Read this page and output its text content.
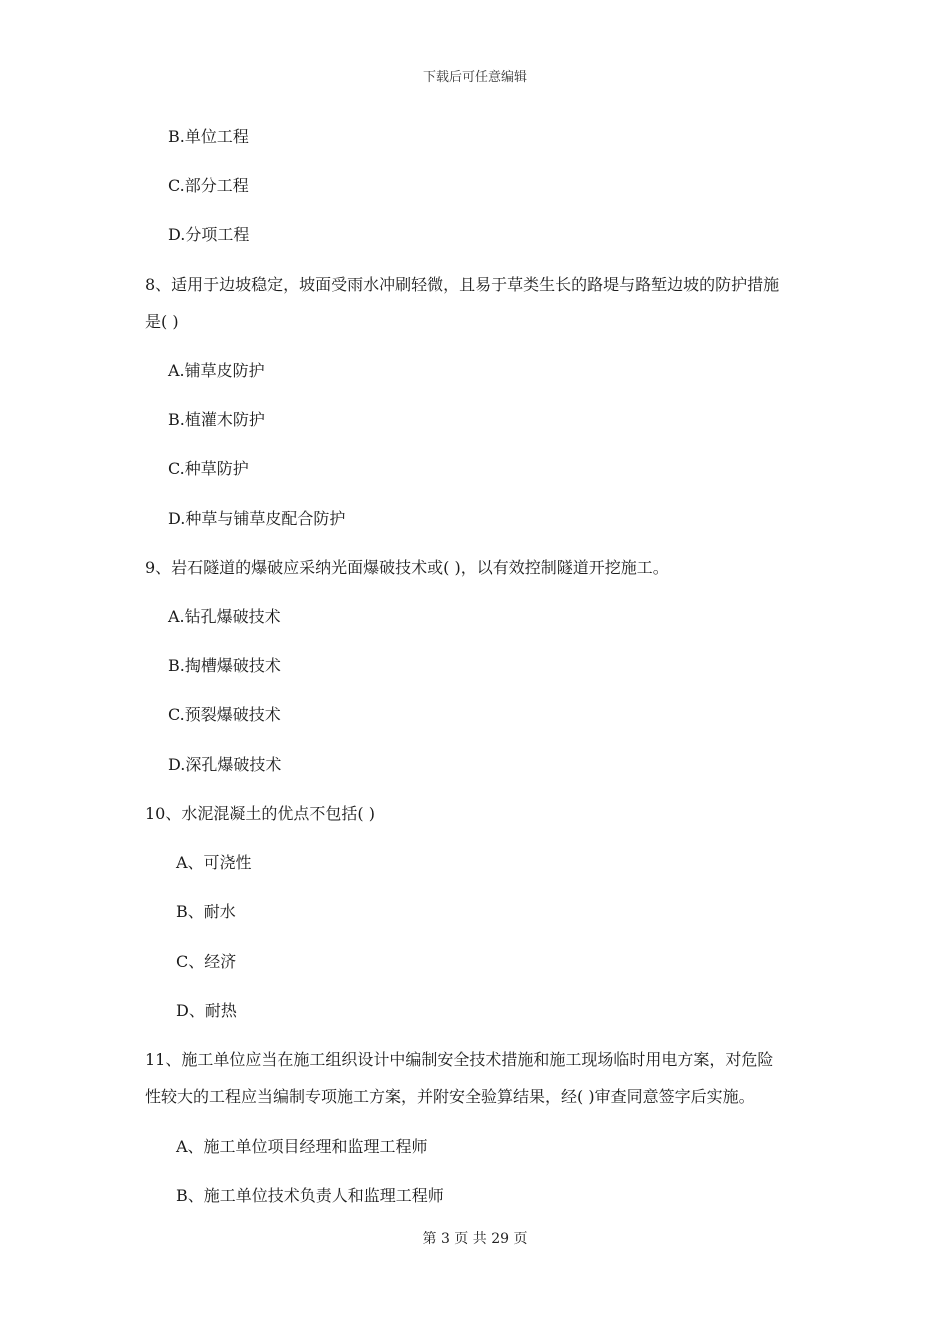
下载后可任意编辑
B.单位工程
C.部分工程
D.分项工程
8、适用于边坡稳定，坡面受雨水冲刷轻微，且易于草类生长的路堤与路堑边坡的防护措施
是( )
A.铺草皮防护
B.植灌木防护
C.种草防护
D.种草与铺草皮配合防护
9、岩石隧道的爆破应采纳光面爆破技术或( )，以有效控制隧道开挖施工。
A.钻孔爆破技术
B.掏槽爆破技术
C.预裂爆破技术
D.深孔爆破技术
10、水泥混凝土的优点不包括( )
A、可浇性
B、耐水
C、经济
D、耐热
11、施工单位应当在施工组织设计中编制安全技术措施和施工现场临时用电方案，对危险
性较大的工程应当编制专项施工方案，并附安全验算结果，经( )审查同意签字后实施。
A、施工单位项目经理和监理工程师
B、施工单位技术负责人和监理工程师
第 3 页 共 29 页
